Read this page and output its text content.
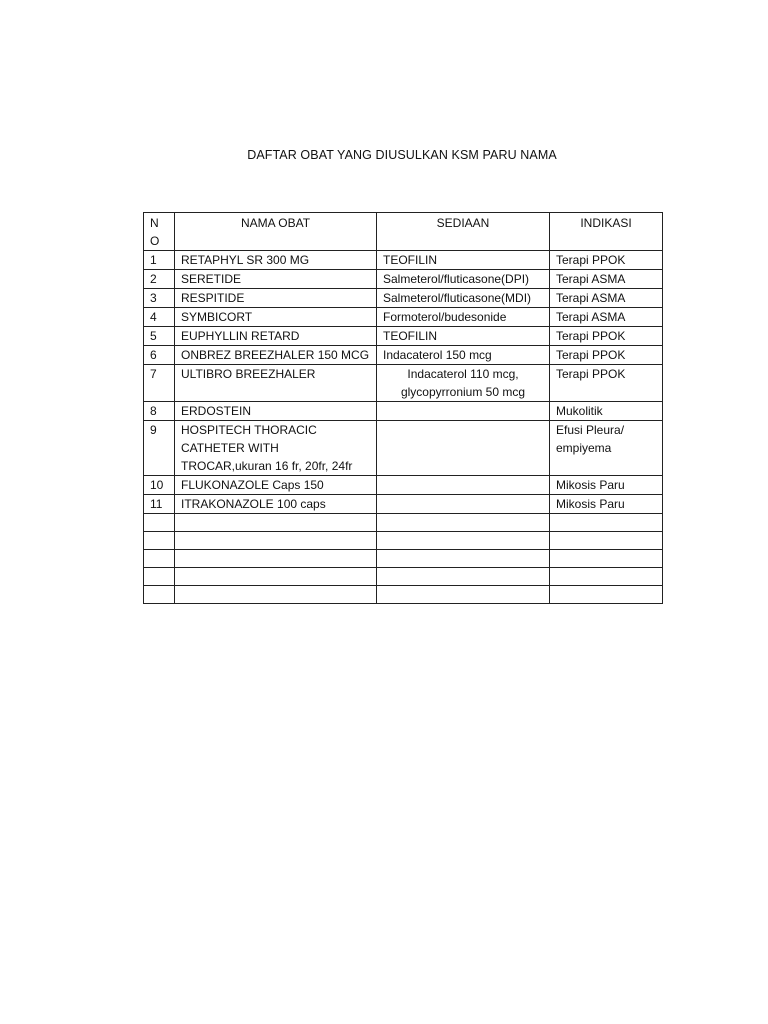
DAFTAR OBAT YANG DIUSULKAN KSM PARU NAMA
NO	NAMA OBAT	SEDIAAN	INDIKASI
1	RETAPHYL SR 300 MG	TEOFILIN	Terapi PPOK
2	SERETIDE	Salmeterol/fluticasone(DPI)	Terapi ASMA
3	RESPITIDE	Salmeterol/fluticasone(MDI)	Terapi ASMA
4	SYMBICORT	Formoterol/budesonide	Terapi ASMA
5	EUPHYLLIN RETARD	TEOFILIN	Terapi PPOK
6	ONBREZ BREEZHALER 150 MCG	Indacaterol 150 mcg	Terapi PPOK
7	ULTIBRO BREEZHALER	Indacaterol 110 mcg, glycopyrronium 50 mcg	Terapi PPOK
8	ERDOSTEIN		Mukolitik
9	HOSPITECH THORACIC CATHETER WITH TROCAR,ukuran 16 fr, 20fr, 24fr		Efusi Pleura/ empiyema
10	FLUKONAZOLE Caps 150		Mikosis Paru
11	ITRAKONAZOLE 100 caps		Mikosis Paru
